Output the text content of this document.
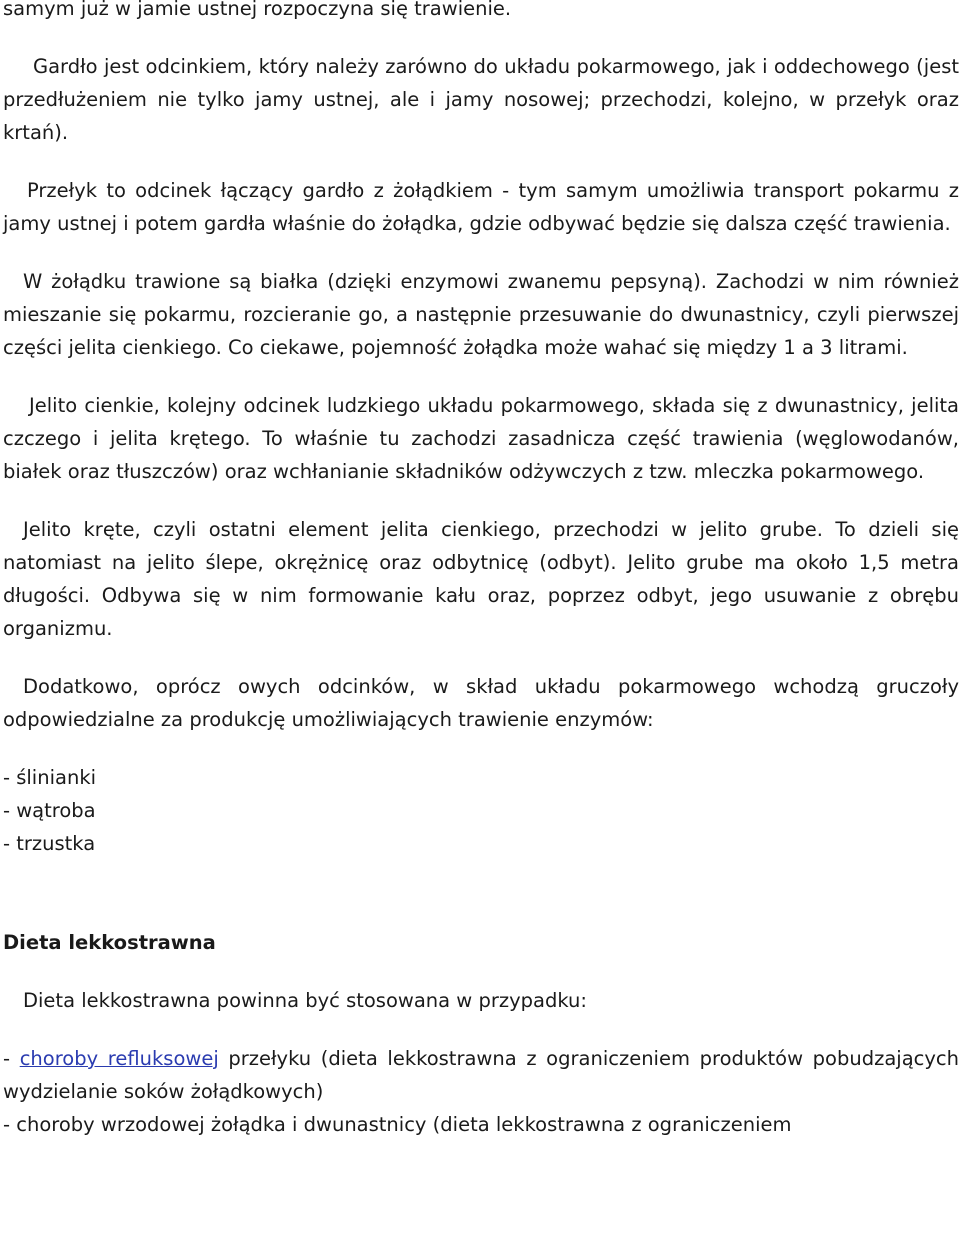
samym już w jamie ustnej rozpoczyna się trawienie.

Gardło jest odcinkiem, który należy zarówno do układu pokarmowego, jak i oddechowego (jest przedłużeniem nie tylko jamy ustnej, ale i jamy nosowej; przechodzi, kolejno, w przełyk oraz krtań).

Przełyk to odcinek łączący gardło z żołądkiem - tym samym umożliwia transport pokarmu z jamy ustnej i potem gardła właśnie do żołądka, gdzie odbywać będzie się dalsza część trawienia.

W żołądku trawione są białka (dzięki enzymowi zwanemu pepsyną). Zachodzi w nim również mieszanie się pokarmu, rozcieranie go, a następnie przesuwanie do dwunastnicy, czyli pierwszej części jelita cienkiego. Co ciekawe, pojemność żołądka może wahać się między 1 a 3 litrami.

Jelito cienkie, kolejny odcinek ludzkiego układu pokarmowego, składa się z dwunastnicy, jelita czczego i jelita krętego. To właśnie tu zachodzi zasadnicza część trawienia (węglowodanów, białek oraz tłuszczów) oraz wchłanianie składników odżywczych z tzw. mleczka pokarmowego.

Jelito kręte, czyli ostatni element jelita cienkiego, przechodzi w jelito grube. To dzieli się natomiast na jelito ślepe, okrężnicę oraz odbytnicę (odbyt). Jelito grube ma około 1,5 metra długości. Odbywa się w nim formowanie kału oraz, poprzez odbyt, jego usuwanie z obrębu organizmu.

Dodatkowo, oprócz owych odcinków, w skład układu pokarmowego wchodzą gruczoły odpowiedzialne za produkcję umożliwiających trawienie enzymów:

- ślinianki
- wątroba
- trzustka
Dieta lekkostrawna

Dieta lekkostrawna powinna być stosowana w przypadku:

- choroby refluksowej przełyku (dieta lekkostrawna z ograniczeniem produktów pobudzających wydzielanie soków żołądkowych)
- choroby wrzodowej żołądka i dwunastnicy (dieta lekkostrawna z ograniczeniem
